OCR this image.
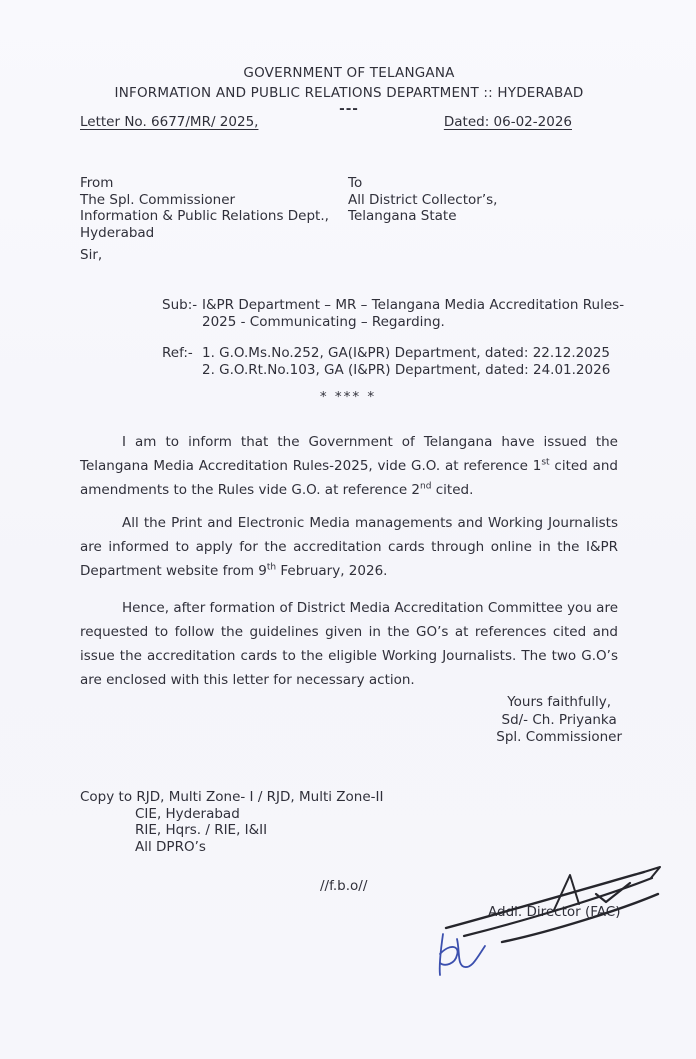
GOVERNMENT OF TELANGANA
INFORMATION AND PUBLIC RELATIONS DEPARTMENT :: HYDERABAD
---
Letter No. 6677/MR/ 2025,	Dated: 06-02-2026
From
The Spl. Commissioner
Information & Public Relations Dept.,
Hyderabad
To
All District Collector’s,
Telangana State
Sir,
Sub:- I&PR Department – MR – Telangana Media Accreditation Rules-
2025 - Communicating – Regarding.
Ref:- 1. G.O.Ms.No.252, GA(I&PR) Department, dated: 22.12.2025
2. G.O.Rt.No.103, GA (I&PR) Department, dated: 24.01.2026
* *** *

I am to inform that the Government of Telangana have issued the Telangana Media Accreditation Rules-2025, vide G.O. at reference 1st cited and amendments to the Rules vide G.O. at reference 2nd cited.

All the Print and Electronic Media managements and Working Journalists are informed to apply for the accreditation cards through online in the I&PR Department website from 9th February, 2026.

Hence, after formation of District Media Accreditation Committee you are requested to follow the guidelines given in the GO’s at references cited and issue the accreditation cards to the eligible Working Journalists. The two G.O’s are enclosed with this letter for necessary action.

Yours faithfully,
Sd/- Ch. Priyanka
Spl. Commissioner
Copy to RJD, Multi Zone- I / RJD, Multi Zone-II
CIE, Hyderabad
RIE, Hqrs. / RIE, I&II
All DPRO’s
//f.b.o//
Addl. Director (FAC)
